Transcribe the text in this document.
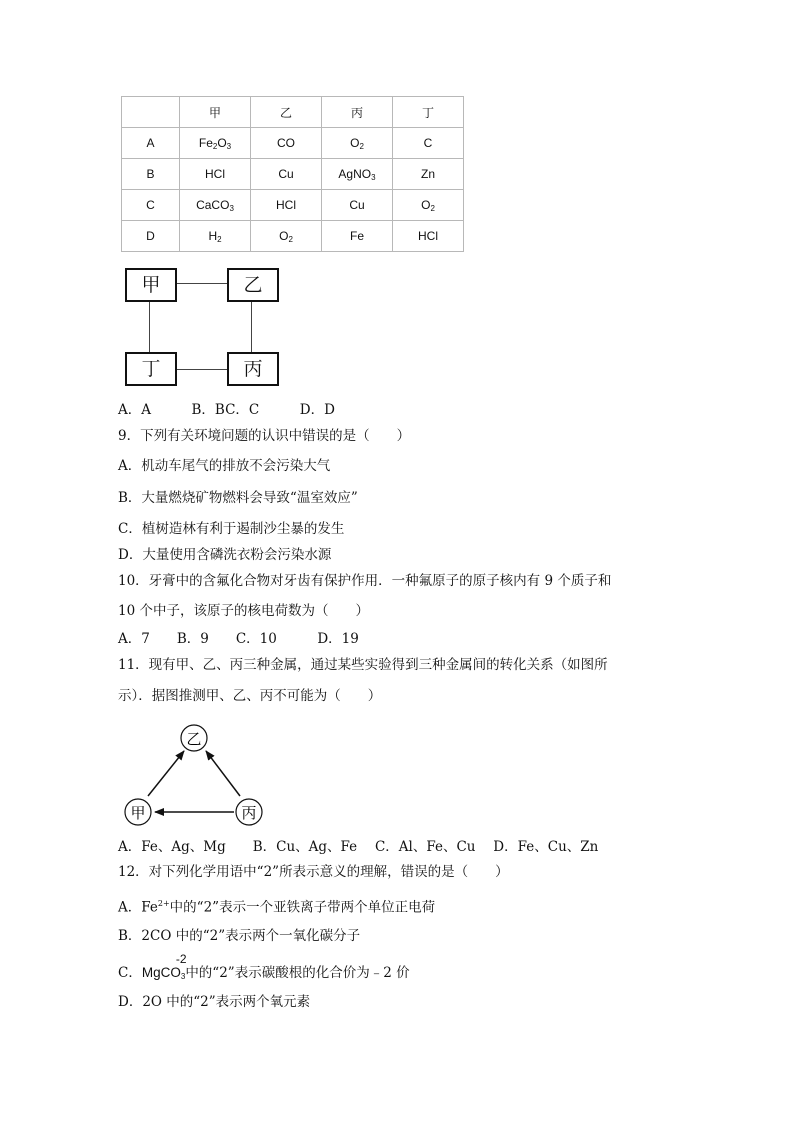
	甲	乙	丙	丁
A	$Fe_2O_3$	CO	$O_2$	C
B	HCl	Cu	AgNO$_3$	Zn
C	CaCO$_3$	HCl	Cu	$O_2$
D	$H_2$	$O_2$	Fe	HCl
甲	乙
丁	丙
A．A　　　B．BC．C　　　D．D
9．下列有关环境问题的认识中错误的是（　　）
A．机动车尾气的排放不会污染大气
B．大量燃烧矿物燃料会导致“温室效应”
C．植树造林有利于遏制沙尘暴的发生
D．大量使用含磷洗衣粉会污染水源
10．牙膏中的含氟化合物对牙齿有保护作用．一种氟原子的原子核内有 9 个质子和
10 个中子，该原子的核电荷数为（　　）
A．7　　B．9　　C．10　　　D．19
11．现有甲、乙、丙三种金属，通过某些实验得到三种金属间的转化关系（如图所
示）．据图推测甲、乙、丙不可能为（　　）
乙
甲	丙
A．Fe、Ag、Mg　　B．Cu、Ag、Fe　 C．Al、Fe、Cu　 D．Fe、Cu、Zn
12．对下列化学用语中“2”所表示意义的理解，错误的是（　　）
A．$Fe^{2+}$中的“2”表示一个亚铁离子带两个单位正电荷
B．2CO 中的“2”表示两个一氧化碳分子
C．MgCO$_3$
-2
中的“2”表示碳酸根的化合价为﹣2 价
D．2O 中的“2”表示两个氧元素
